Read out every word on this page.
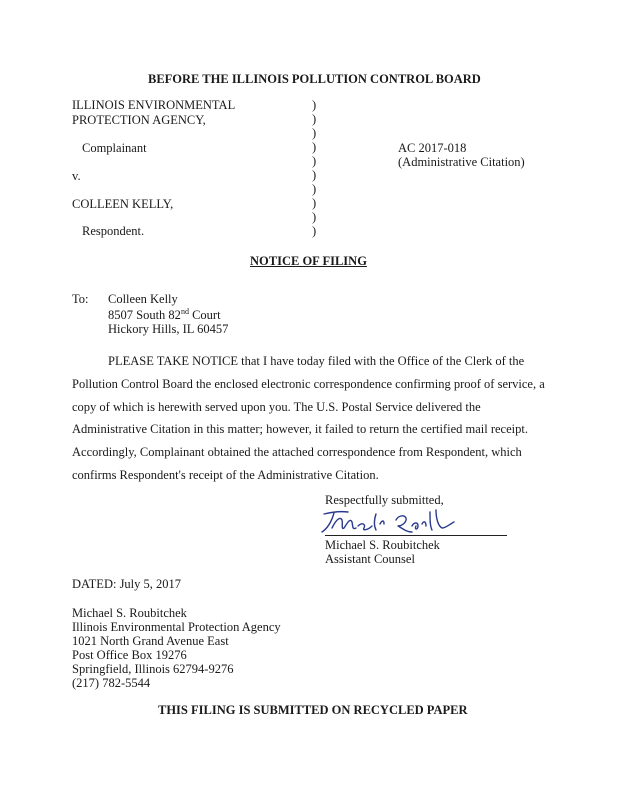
BEFORE THE ILLINOIS POLLUTION CONTROL BOARD
ILLINOIS ENVIRONMENTAL
PROTECTION AGENCY,
Complainant
v.
COLLEEN KELLY,
Respondent.
)
)
)
)
)
)
)
)
)
)
AC 2017-018
(Administrative Citation)
NOTICE OF FILING
To: Colleen Kelly
8507 South 82nd Court
Hickory Hills, IL 60457
PLEASE TAKE NOTICE that I have today filed with the Office of the Clerk of the
Pollution Control Board the enclosed electronic correspondence confirming proof of service, a
copy of which is herewith served upon you. The U.S. Postal Service delivered the
Administrative Citation in this matter; however, it failed to return the certified mail receipt.
Accordingly, Complainant obtained the attached correspondence from Respondent, which
confirms Respondent's receipt of the Administrative Citation.
Respectfully submitted,
Michael S. Roubitchek
Assistant Counsel
DATED: July 5, 2017
Michael S. Roubitchek
Illinois Environmental Protection Agency
1021 North Grand Avenue East
Post Office Box 19276
Springfield, Illinois 62794-9276
(217) 782-5544
THIS FILING IS SUBMITTED ON RECYCLED PAPER
